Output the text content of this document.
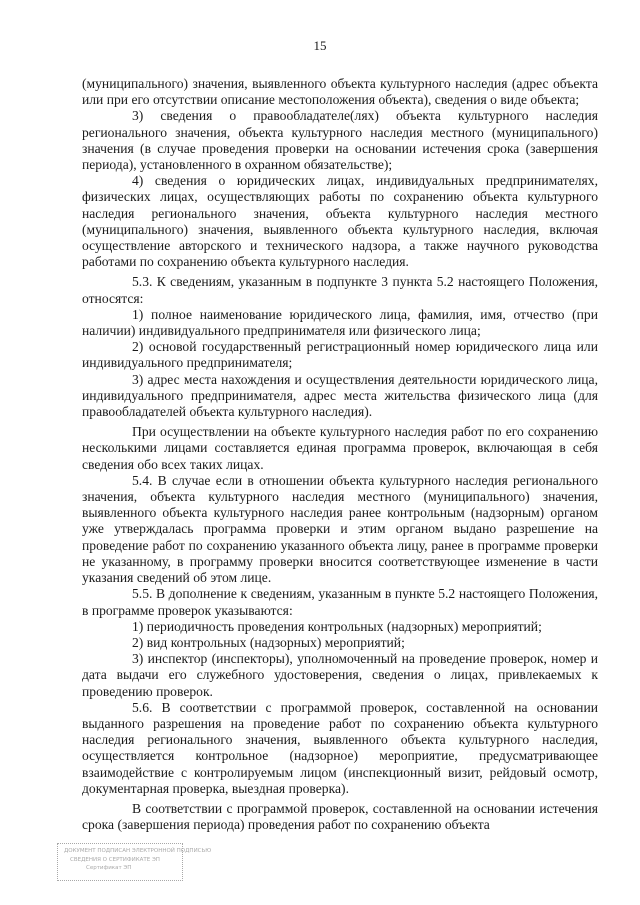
15

(муниципального) значения, выявленного объекта культурного наследия (адрес объекта или при его отсутствии описание местоположения объекта), сведения о виде объекта;

3) сведения о правообладателе(лях) объекта культурного наследия регионального значения, объекта культурного наследия местного (муниципального) значения (в случае проведения проверки на основании истечения срока (завершения периода), установленного в охранном обязательстве);

4) сведения о юридических лицах, индивидуальных предпринимателях, физических лицах, осуществляющих работы по сохранению объекта культурного наследия регионального значения, объекта культурного наследия местного (муниципального) значения, выявленного объекта культурного наследия, включая осуществление авторского и технического надзора, а также научного руководства работами по сохранению объекта культурного наследия.

5.3. К сведениям, указанным в подпункте 3 пункта 5.2 настоящего Положения, относятся:

1) полное наименование юридического лица, фамилия, имя, отчество (при наличии) индивидуального предпринимателя или физического лица;

2) основой государственный регистрационный номер юридического лица или индивидуального предпринимателя;

3) адрес места нахождения и осуществления деятельности юридического лица, индивидуального предпринимателя, адрес места жительства физического лица (для правообладателей объекта культурного наследия).

При осуществлении на объекте культурного наследия работ по его сохранению несколькими лицами составляется единая программа проверок, включающая в себя сведения обо всех таких лицах.

5.4. В случае если в отношении объекта культурного наследия регионального значения, объекта культурного наследия местного (муниципального) значения, выявленного объекта культурного наследия ранее контрольным (надзорным) органом уже утверждалась программа проверки и этим органом выдано разрешение на проведение работ по сохранению указанного объекта лицу, ранее в программе проверки не указанному, в программу проверки вносится соответствующее изменение в части указания сведений об этом лице.

5.5. В дополнение к сведениям, указанным в пункте 5.2 настоящего Положения, в программе проверок указываются:

1) периодичность проведения контрольных (надзорных) мероприятий;

2) вид контрольных (надзорных) мероприятий;

3) инспектор (инспекторы), уполномоченный на проведение проверок, номер и дата выдачи его служебного удостоверения, сведения о лицах, привлекаемых к проведению проверок.

5.6. В соответствии с программой проверок, составленной на основании выданного разрешения на проведение работ по сохранению объекта культурного наследия регионального значения, выявленного объекта культурного наследия, осуществляется контрольное (надзорное) мероприятие, предусматривающее взаимодействие с контролируемым лицом (инспекционный визит, рейдовый осмотр, документарная проверка, выездная проверка).

В соответствии с программой проверок, составленной на основании истечения срока (завершения периода) проведения работ по сохранению объекта

ДОКУМЕНТ ПОДПИСАН ЭЛЕКТРОННОЙ ПОДПИСЬЮ
СВЕДЕНИЯ О СЕРТИФИКАТЕ ЭП
Сертификат ЭП
